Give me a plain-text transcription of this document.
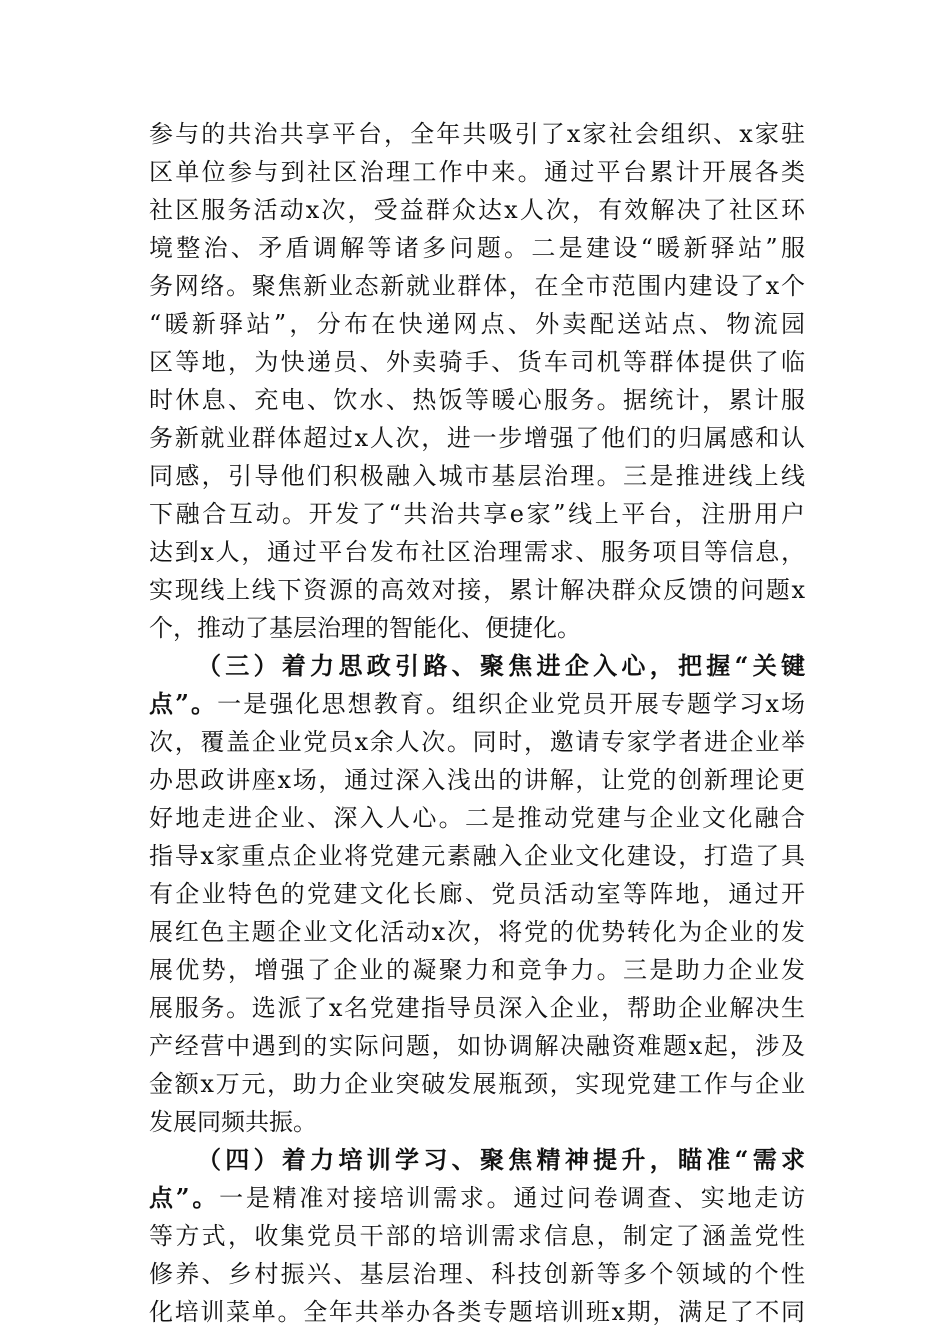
参与的共治共享平台，全年共吸引了x家社会组织、x家驻
区单位参与到社区治理工作中来。通过平台累计开展各类
社区服务活动x次，受益群众达x人次，有效解决了社区环
境整治、矛盾调解等诸多问题。二是建设“暖新驿站”服
务网络。聚焦新业态新就业群体，在全市范围内建设了x个
“暖新驿站”，分布在快递网点、外卖配送站点、物流园
区等地，为快递员、外卖骑手、货车司机等群体提供了临
时休息、充电、饮水、热饭等暖心服务。据统计，累计服
务新就业群体超过x人次，进一步增强了他们的归属感和认
同感，引导他们积极融入城市基层治理。三是推进线上线
下融合互动。开发了“共治共享e家”线上平台，注册用户
达到x人，通过平台发布社区治理需求、服务项目等信息，
实现线上线下资源的高效对接，累计解决群众反馈的问题x
个，推动了基层治理的智能化、便捷化。
（三）着力思政引路、聚焦进企入心，把握“关键
点”。一是强化思想教育。组织企业党员开展专题学习x场
次，覆盖企业党员x余人次。同时，邀请专家学者进企业举
办思政讲座x场，通过深入浅出的讲解，让党的创新理论更
好地走进企业、深入人心。二是推动党建与企业文化融合
指导x家重点企业将党建元素融入企业文化建设，打造了具
有企业特色的党建文化长廊、党员活动室等阵地，通过开
展红色主题企业文化活动x次，将党的优势转化为企业的发
展优势，增强了企业的凝聚力和竞争力。三是助力企业发
展服务。选派了x名党建指导员深入企业，帮助企业解决生
产经营中遇到的实际问题，如协调解决融资难题x起，涉及
金额x万元，助力企业突破发展瓶颈，实现党建工作与企业
发展同频共振。
（四）着力培训学习、聚焦精神提升，瞄准“需求
点”。一是精准对接培训需求。通过问卷调查、实地走访
等方式，收集党员干部的培训需求信息，制定了涵盖党性
修养、乡村振兴、基层治理、科技创新等多个领域的个性
化培训菜单。全年共举办各类专题培训班x期，满足了不同
